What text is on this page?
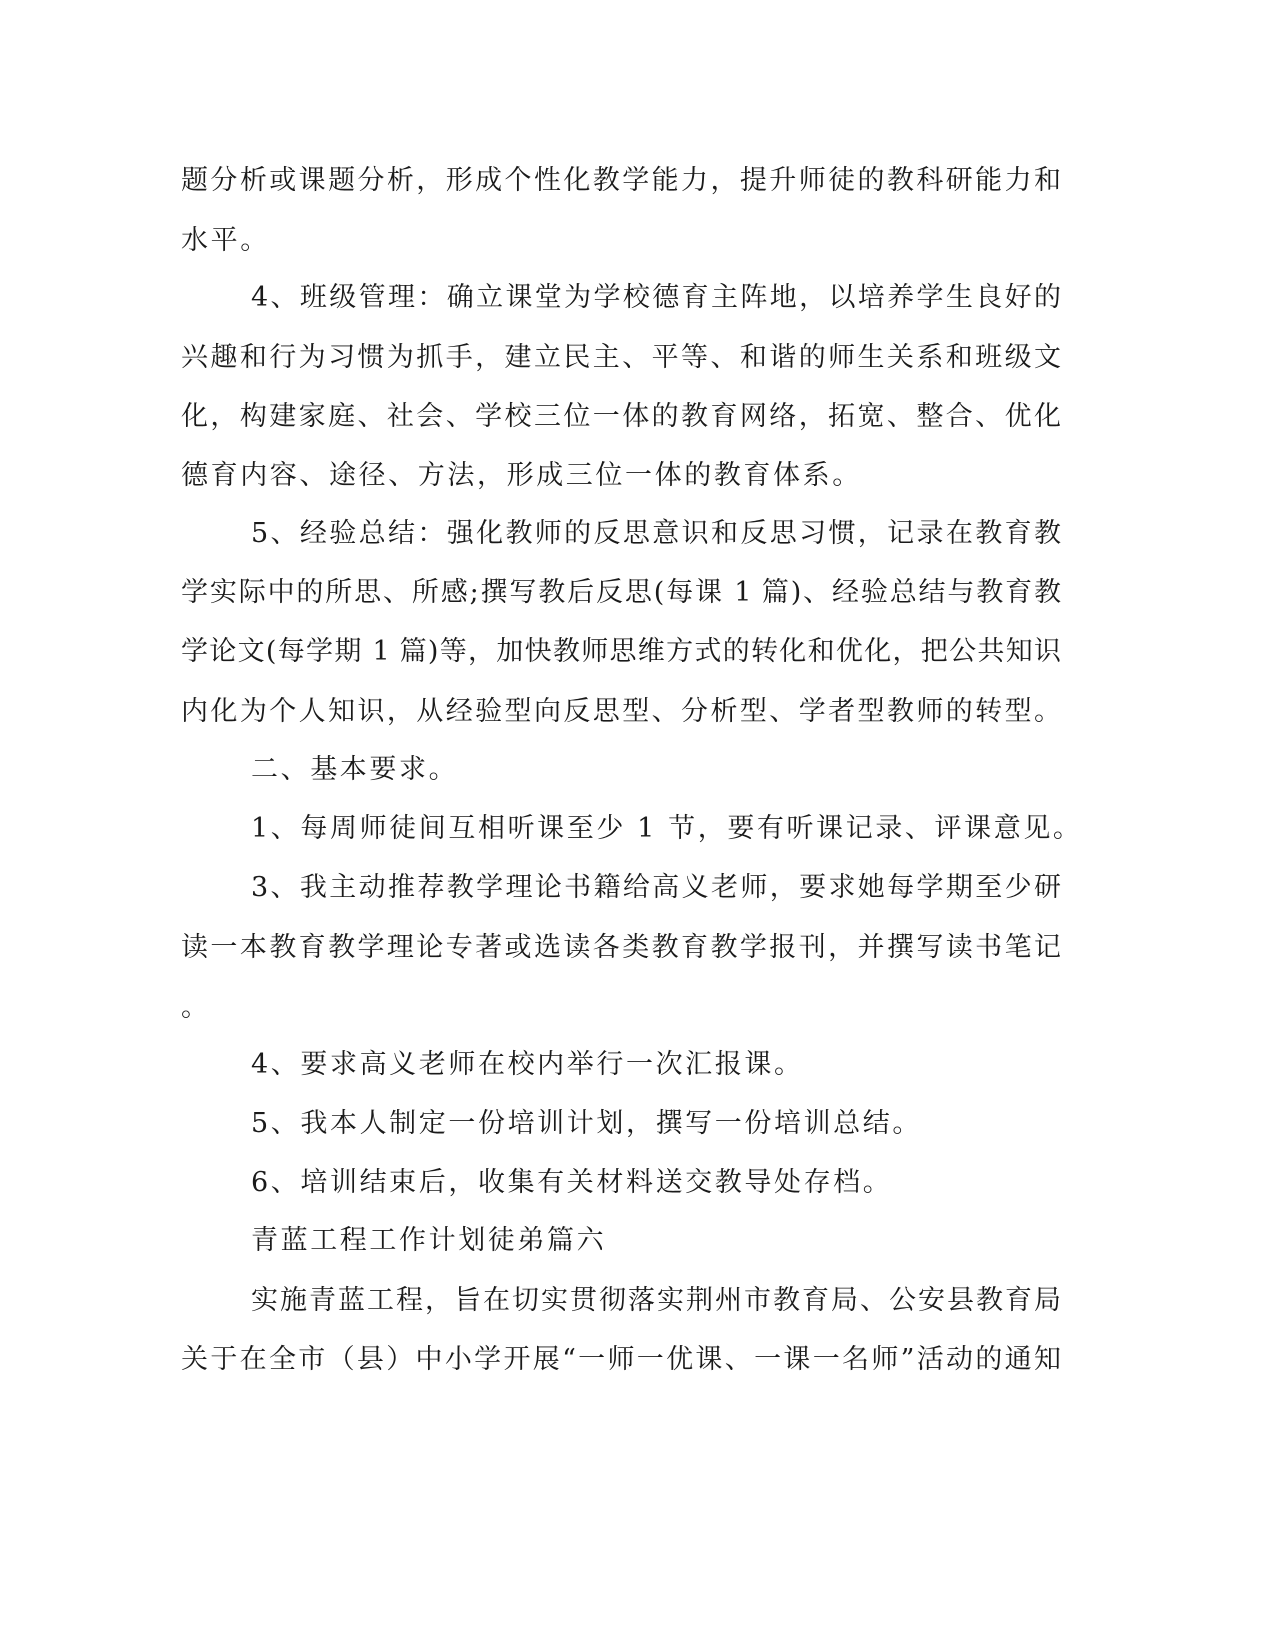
题分析或课题分析，形成个性化教学能力，提升师徒的教科研能力和
水平。
4、班级管理：确立课堂为学校德育主阵地，以培养学生良好的
兴趣和行为习惯为抓手，建立民主、平等、和谐的师生关系和班级文
化，构建家庭、社会、学校三位一体的教育网络，拓宽、整合、优化
德育内容、途径、方法，形成三位一体的教育体系。
5、经验总结：强化教师的反思意识和反思习惯，记录在教育教
学实际中的所思、所感;撰写教后反思(每课 1 篇)、经验总结与教育教
学论文(每学期 1 篇)等，加快教师思维方式的转化和优化，把公共知识
内化为个人知识，从经验型向反思型、分析型、学者型教师的转型。
二、基本要求。
1、每周师徒间互相听课至少 1 节，要有听课记录、评课意见。
3、我主动推荐教学理论书籍给高义老师，要求她每学期至少研
读一本教育教学理论专著或选读各类教育教学报刊，并撰写读书笔记
。
4、要求高义老师在校内举行一次汇报课。
5、我本人制定一份培训计划，撰写一份培训总结。
6、培训结束后，收集有关材料送交教导处存档。
青蓝工程工作计划徒弟篇六
实施青蓝工程，旨在切实贯彻落实荆州市教育局、公安县教育局
关于在全市（县）中小学开展“一师一优课、一课一名师”活动的通知
